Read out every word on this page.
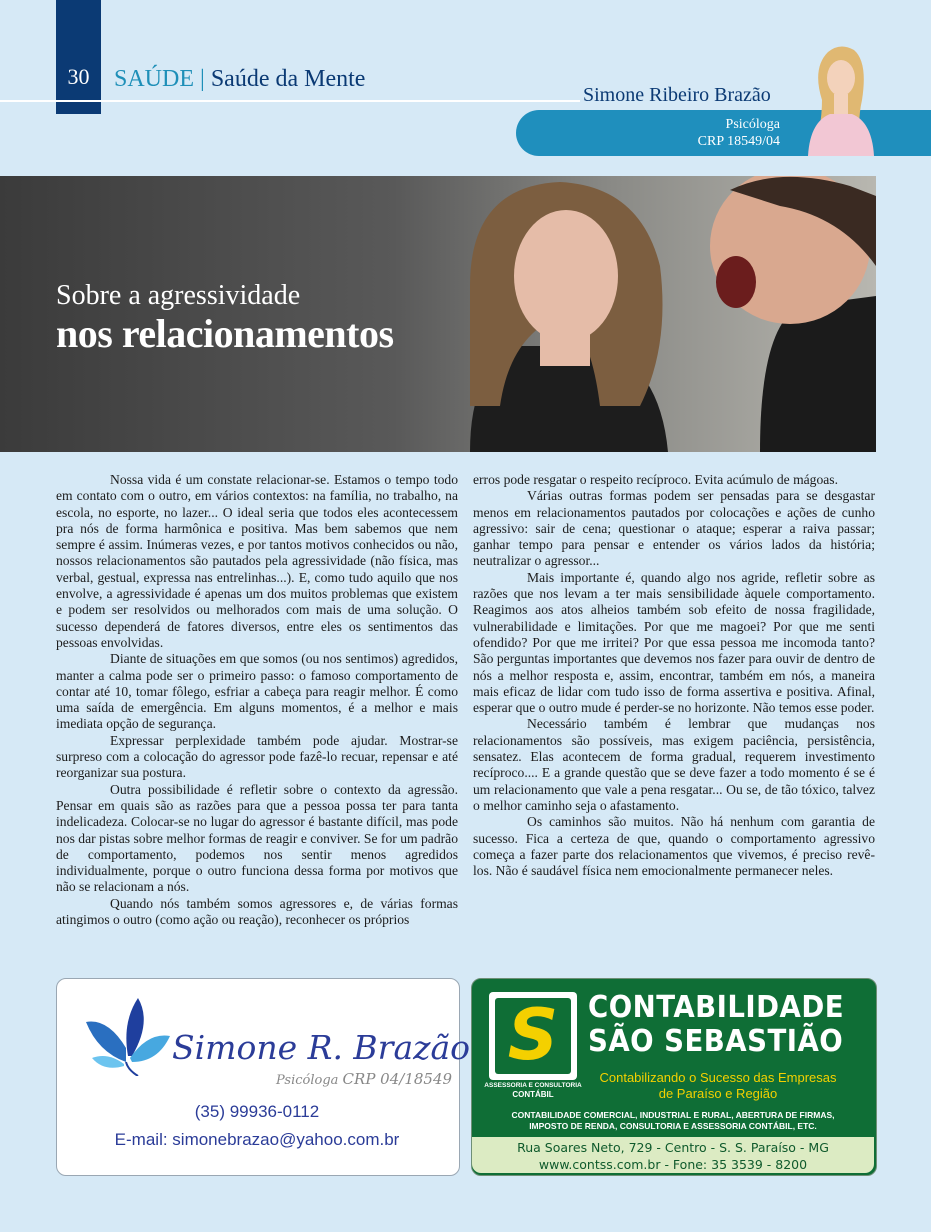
30	SAÚDE | Saúde da Mente
Simone Ribeiro Brazão
Psicóloga
CRP 18549/04
Sobre a agressividade
nos relacionamentos

Nossa vida é um constate relacionar-se. Estamos o tempo todo em contato com o outro, em vários contextos: na família, no trabalho, na escola, no esporte, no lazer... O ideal seria que todos eles acontecessem pra nós de forma harmônica e positiva. Mas bem sabemos que nem sempre é assim. Inúmeras vezes, e por tantos motivos conhecidos ou não, nossos relacionamentos são pautados pela agressividade (não física, mas verbal, gestual, expressa nas entrelinhas...). E, como tudo aquilo que nos envolve, a agressividade é apenas um dos muitos problemas que existem e podem ser resolvidos ou melhorados com mais de uma solução. O sucesso dependerá de fatores diversos, entre eles os sentimentos das pessoas envolvidas.

Diante de situações em que somos (ou nos sentimos) agredidos, manter a calma pode ser o primeiro passo: o famoso comportamento de contar até 10, tomar fôlego, esfriar a cabeça para reagir melhor. É como uma saída de emergência. Em alguns momentos, é a melhor e mais imediata opção de segurança.

Expressar perplexidade também pode ajudar. Mostrar-se surpreso com a colocação do agressor pode fazê-lo recuar, repensar e até reorganizar sua postura.

Outra possibilidade é refletir sobre o contexto da agressão. Pensar em quais são as razões para que a pessoa possa ter para tanta indelicadeza. Colocar-se no lugar do agressor é bastante difícil, mas pode nos dar pistas sobre melhor formas de reagir e conviver. Se for um padrão de comportamento, podemos nos sentir menos agredidos individualmente, porque o outro funciona dessa forma por motivos que não se relacionam a nós.

Quando nós também somos agressores e, de várias formas atingimos o outro (como ação ou reação), reconhecer os próprios

erros pode resgatar o respeito recíproco. Evita acúmulo de mágoas.

Várias outras formas podem ser pensadas para se desgastar menos em relacionamentos pautados por colocações e ações de cunho agressivo: sair de cena; questionar o ataque; esperar a raiva passar; ganhar tempo para pensar e entender os vários lados da história; neutralizar o agressor...

Mais importante é, quando algo nos agride, refletir sobre as razões que nos levam a ter mais sensibilidade àquele comportamento. Reagimos aos atos alheios também sob efeito de nossa fragilidade, vulnerabilidade e limitações. Por que me magoei? Por que me senti ofendido? Por que me irritei? Por que essa pessoa me incomoda tanto? São perguntas importantes que devemos nos fazer para ouvir de dentro de nós a melhor resposta e, assim, encontrar, também em nós, a maneira mais eficaz de lidar com tudo isso de forma assertiva e positiva. Afinal, esperar que o outro mude é perder-se no horizonte. Não temos esse poder.

Necessário também é lembrar que mudanças nos relacionamentos são possíveis, mas exigem paciência, persistência, sensatez. Elas acontecem de forma gradual, requerem investimento recíproco.... E a grande questão que se deve fazer a todo momento é se é um relacionamento que vale a pena resgatar... Ou se, de tão tóxico, talvez o melhor caminho seja o afastamento.

Os caminhos são muitos. Não há nenhum com garantia de sucesso. Fica a certeza de que, quando o comportamento agressivo começa a fazer parte dos relacionamentos que vivemos, é preciso revê-los. Não é saudável física nem emocionalmente permanecer neles.

Simone R. Brazão
Psicóloga CRP 04/18549
(35) 99936-0112
E-mail: simonebrazao@yahoo.com.br
S
ASSESSORIA E CONSULTORIA
CONTÁBIL
CONTABILIDADE
SÃO SEBASTIÃO
Contabilizando o Sucesso das Empresas
de Paraíso e Região
CONTABILIDADE COMERCIAL, INDUSTRIAL E RURAL, ABERTURA DE FIRMAS,
IMPOSTO DE RENDA, CONSULTORIA E ASSESSORIA CONTÁBIL, ETC.
Rua Soares Neto, 729 - Centro - S. S. Paraíso - MG
www.contss.com.br - Fone: 35 3539 - 8200
